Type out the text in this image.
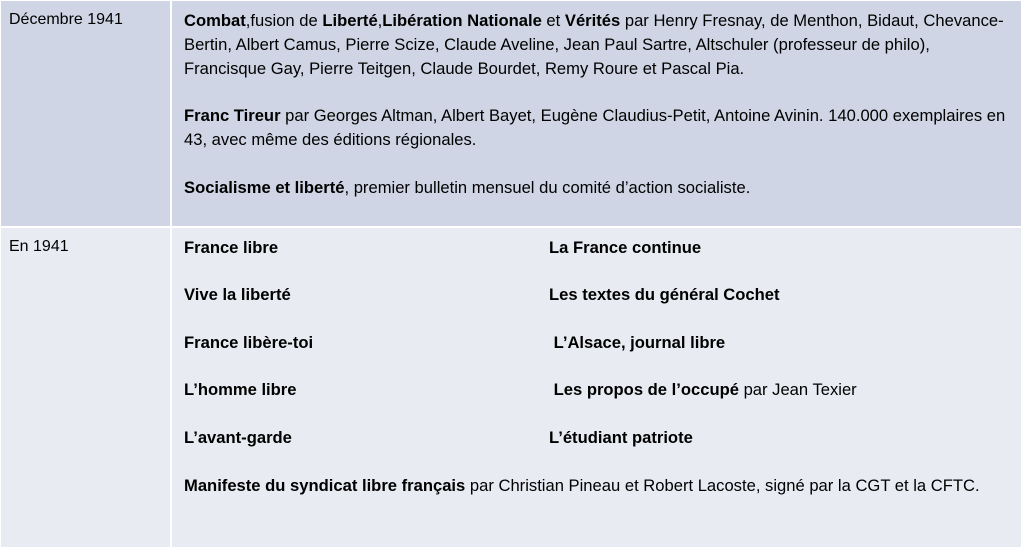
Décembre 1941	Combat,fusion de Liberté,Libération Nationale et Vérités par Henry Fresnay, de Menthon, Bidaut, Chevance-Bertin, Albert Camus, Pierre Scize, Claude Aveline, Jean Paul Sartre, Altschuler (professeur de philo), Francisque Gay, Pierre Teitgen, Claude Bourdet, Remy Roure et Pascal Pia.

Franc Tireur par Georges Altman, Albert Bayet, Eugène Claudius-Petit, Antoine Avinin. 140.000 exemplaires en 43, avec même des éditions régionales.

Socialisme et liberté, premier bulletin mensuel du comité d’action socialiste.

En 1941	France libre	La France continue
Vive la liberté	Les textes du général Cochet
France libère-toi	L’Alsace, journal libre
L’homme libre	Les propos de l’occupé par Jean Texier
L’avant-garde	L’étudiant patriote

Manifeste du syndicat libre français par Christian Pineau et Robert Lacoste, signé par la CGT et la CFTC.
